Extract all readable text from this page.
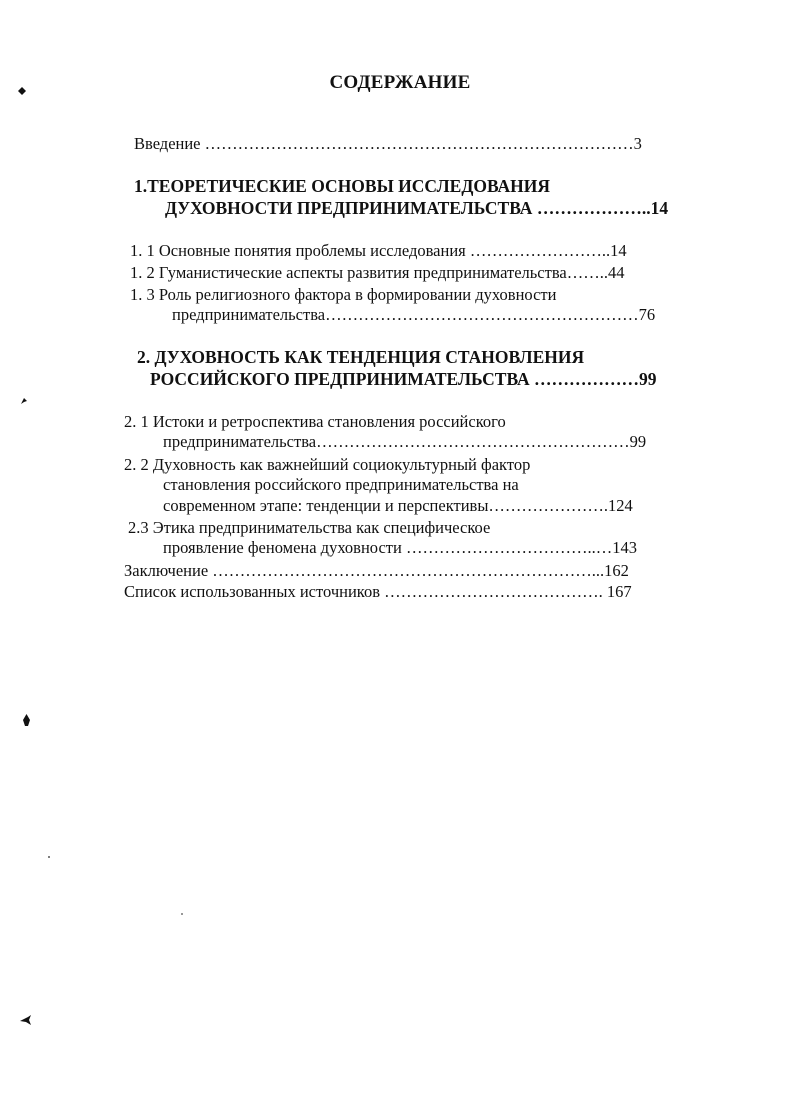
СОДЕРЖАНИЕ
Введение ……………………………………………………………………3
1.ТЕОРЕТИЧЕСКИЕ ОСНОВЫ ИССЛЕДОВАНИЯ
ДУХОВНОСТИ ПРЕДПРИНИМАТЕЛЬСТВА ………………..14
1. 1 Основные понятия проблемы исследования ……………………..14
1. 2 Гуманистические аспекты развития предпринимательства……..44
1. 3 Роль религиозного фактора в формировании духовности
предпринимательства…………………………………………………76
2. ДУХОВНОСТЬ КАК ТЕНДЕНЦИЯ СТАНОВЛЕНИЯ
РОССИЙСКОГО ПРЕДПРИНИМАТЕЛЬСТВА ………………99
2. 1 Истоки и ретроспектива становления российского
предпринимательства…………………………………………………99
2. 2 Духовность как важнейший социокультурный фактор
становления российского предпринимательства на
современном этапе: тенденции и перспективы………………….124
2.3 Этика предпринимательства как специфическое
проявление феномена духовности ……………………………..…143
Заключение ……………………………………………………………...162
Список использованных источников …………………………………. 167
